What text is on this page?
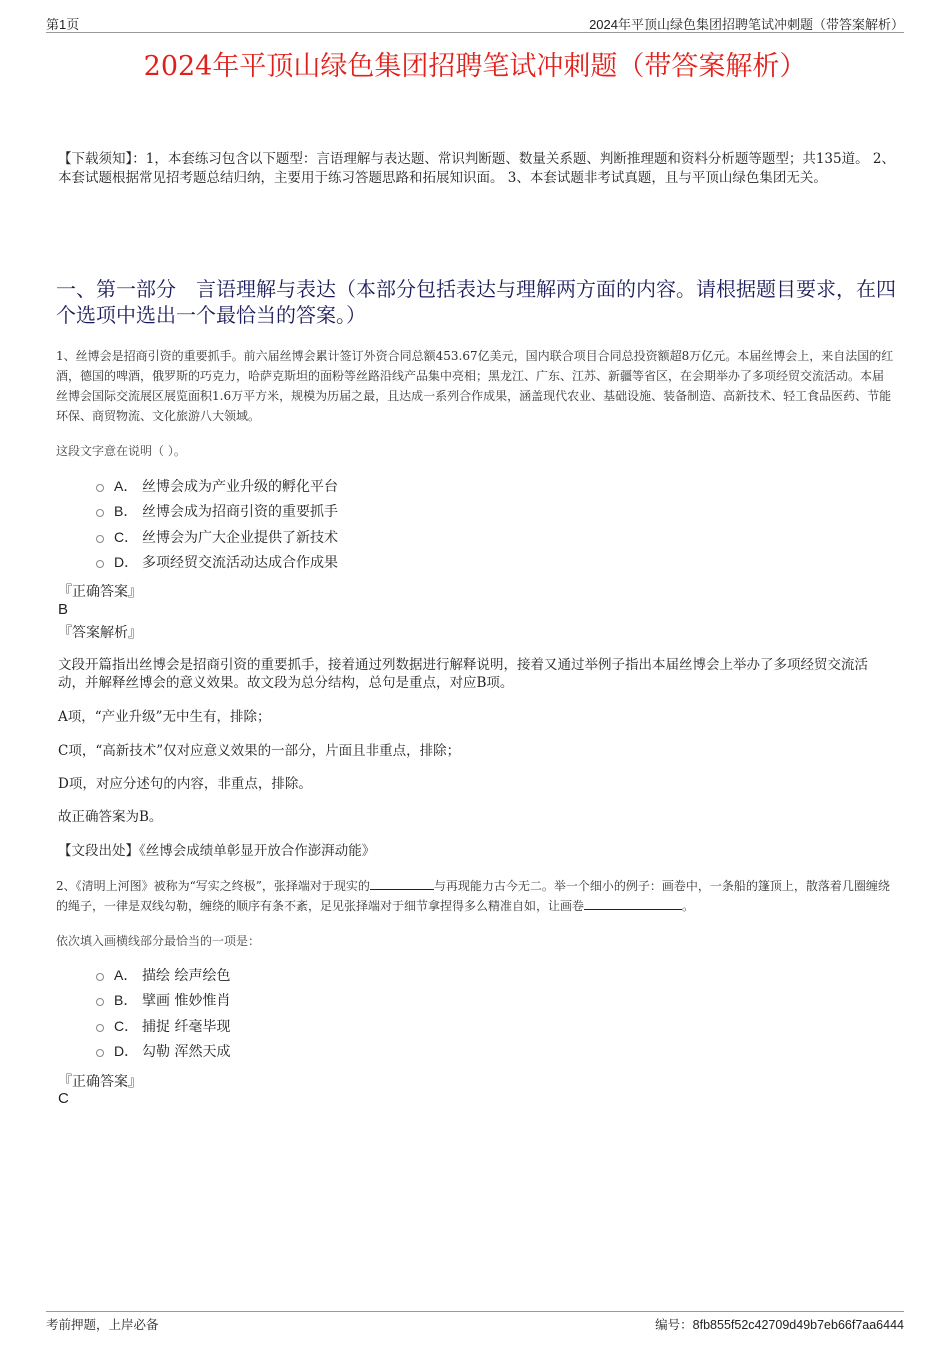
第1页	2024年平顶山绿色集团招聘笔试冲刺题（带答案解析）
2024年平顶山绿色集团招聘笔试冲刺题（带答案解析）
【下载须知】：1，本套练习包含以下题型：言语理解与表达题、常识判断题、数量关系题、判断推理题和资料分析题等题型；共135道。 2、本套试题根据常见招考题总结归纳，主要用于练习答题思路和拓展知识面。 3、本套试题非考试真题，且与平顶山绿色集团无关。
一、第一部分　言语理解与表达（本部分包括表达与理解两方面的内容。请根据题目要求，在四个选项中选出一个最恰当的答案。）
1、丝博会是招商引资的重要抓手。前六届丝博会累计签订外资合同总额453.67亿美元，国内联合项目合同总投资额超8万亿元。本届丝博会上，来自法国的红酒，德国的啤酒，俄罗斯的巧克力，哈萨克斯坦的面粉等丝路沿线产品集中亮相；黑龙江、广东、江苏、新疆等省区，在会期举办了多项经贸交流活动。本届丝博会国际交流展区展览面积1.6万平方米，规模为历届之最，且达成一系列合作成果，涵盖现代农业、基础设施、装备制造、高新技术、轻工食品医药、节能环保、商贸物流、文化旅游八大领域。
这段文字意在说明（ ）。
A． 丝博会成为产业升级的孵化平台
B． 丝博会成为招商引资的重要抓手
C． 丝博会为广大企业提供了新技术
D． 多项经贸交流活动达成合作成果
『正确答案』
B
『答案解析』
文段开篇指出丝博会是招商引资的重要抓手，接着通过列数据进行解释说明，接着又通过举例子指出本届丝博会上举办了多项经贸交流活动，并解释丝博会的意义效果。故文段为总分结构，总句是重点，对应B项。
A项，“产业升级”无中生有，排除；
C项，“高新技术”仅对应意义效果的一部分，片面且非重点，排除；
D项，对应分述句的内容，非重点，排除。
故正确答案为B。
【文段出处】《丝博会成绩单彰显开放合作澎湃动能》
2、《清明上河图》被称为“写实之终极”，张择端对于现实的	与再现能力古今无二。举一个细小的例子：画卷中，一条船的篷顶上，散落着几圈缠绕的绳子，一律是双线勾勒，缠绕的顺序有条不紊，足见张择端对于细节拿捏得多么精准自如，让画卷	。
依次填入画横线部分最恰当的一项是：
A． 描绘 绘声绘色
B． 擘画 惟妙惟肖
C． 捕捉 纤毫毕现
D． 勾勒 浑然天成
『正确答案』
C
考前押题，上岸必备	编号：8fb855f52c42709d49b7eb66f7aa6444
